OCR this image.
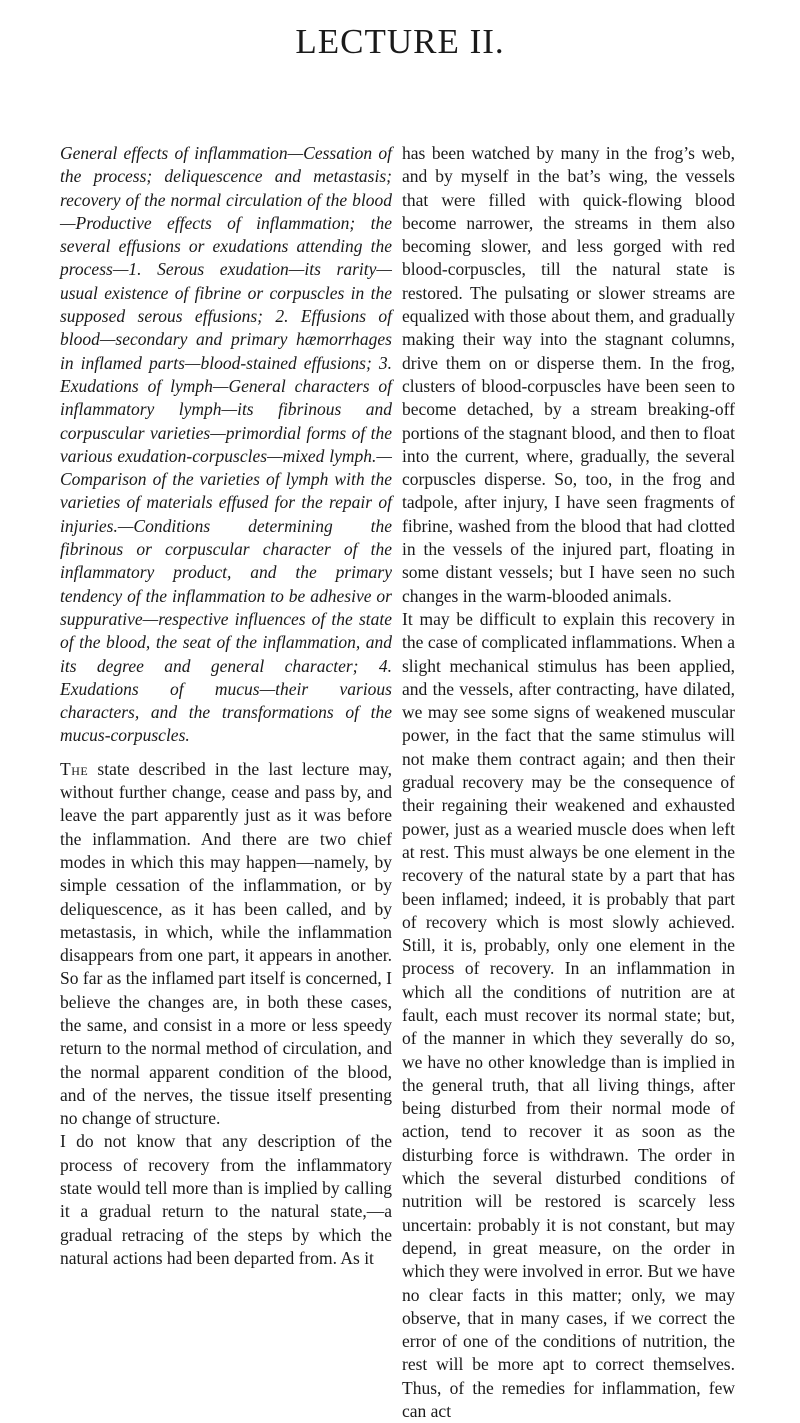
LECTURE II.

General effects of inflammation—Cessation of the process; deliquescence and metastasis; recovery of the normal circulation of the blood—Productive effects of inflammation; the several effusions or exudations attending the process—1. Serous exudation—its rarity—usual existence of fibrine or corpuscles in the supposed serous effusions; 2. Effusions of blood—secondary and primary hæmorrhages in inflamed parts—blood-stained effusions; 3. Exudations of lymph—General characters of inflammatory lymph—its fibrinous and corpuscular varieties—primordial forms of the various exudation-corpuscles—mixed lymph.—Comparison of the varieties of lymph with the varieties of materials effused for the repair of injuries.—Conditions determining the fibrinous or corpuscular character of the inflammatory product, and the primary tendency of the inflammation to be adhesive or suppurative—respective influences of the state of the blood, the seat of the inflammation, and its degree and general character; 4. Exudations of mucus—their various characters, and the transformations of the mucus-corpuscles.

The state described in the last lecture may, without further change, cease and pass by, and leave the part apparently just as it was before the inflammation. And there are two chief modes in which this may happen—namely, by simple cessation of the inflammation, or by deliquescence, as it has been called, and by metastasis, in which, while the inflammation disappears from one part, it appears in another. So far as the inflamed part itself is concerned, I believe the changes are, in both these cases, the same, and consist in a more or less speedy return to the normal method of circulation, and the normal apparent condition of the blood, and of the nerves, the tissue itself presenting no change of structure.

I do not know that any description of the process of recovery from the inflammatory state would tell more than is implied by calling it a gradual return to the natural state,—a gradual retracing of the steps by which the natural actions had been departed from. As it

has been watched by many in the frog’s web, and by myself in the bat’s wing, the vessels that were filled with quick-flowing blood become narrower, the streams in them also becoming slower, and less gorged with red blood-corpuscles, till the natural state is restored. The pulsating or slower streams are equalized with those about them, and gradually making their way into the stagnant columns, drive them on or disperse them. In the frog, clusters of blood-corpuscles have been seen to become detached, by a stream breaking-off portions of the stagnant blood, and then to float into the current, where, gradually, the several corpuscles disperse. So, too, in the frog and tadpole, after injury, I have seen fragments of fibrine, washed from the blood that had clotted in the vessels of the injured part, floating in some distant vessels; but I have seen no such changes in the warm-blooded animals.

It may be difficult to explain this recovery in the case of complicated inflammations. When a slight mechanical stimulus has been applied, and the vessels, after contracting, have dilated, we may see some signs of weakened muscular power, in the fact that the same stimulus will not make them contract again; and then their gradual recovery may be the consequence of their regaining their weakened and exhausted power, just as a wearied muscle does when left at rest. This must always be one element in the recovery of the natural state by a part that has been inflamed; indeed, it is probably that part of recovery which is most slowly achieved. Still, it is, probably, only one element in the process of recovery. In an inflammation in which all the conditions of nutrition are at fault, each must recover its normal state; but, of the manner in which they severally do so, we have no other knowledge than is implied in the general truth, that all living things, after being disturbed from their normal mode of action, tend to recover it as soon as the disturbing force is withdrawn. The order in which the several disturbed conditions of nutrition will be restored is scarcely less uncertain: probably it is not constant, but may depend, in great measure, on the order in which they were involved in error. But we have no clear facts in this matter; only, we may observe, that in many cases, if we correct the error of one of the conditions of nutrition, the rest will be more apt to correct themselves. Thus, of the remedies for inflammation, few can act
